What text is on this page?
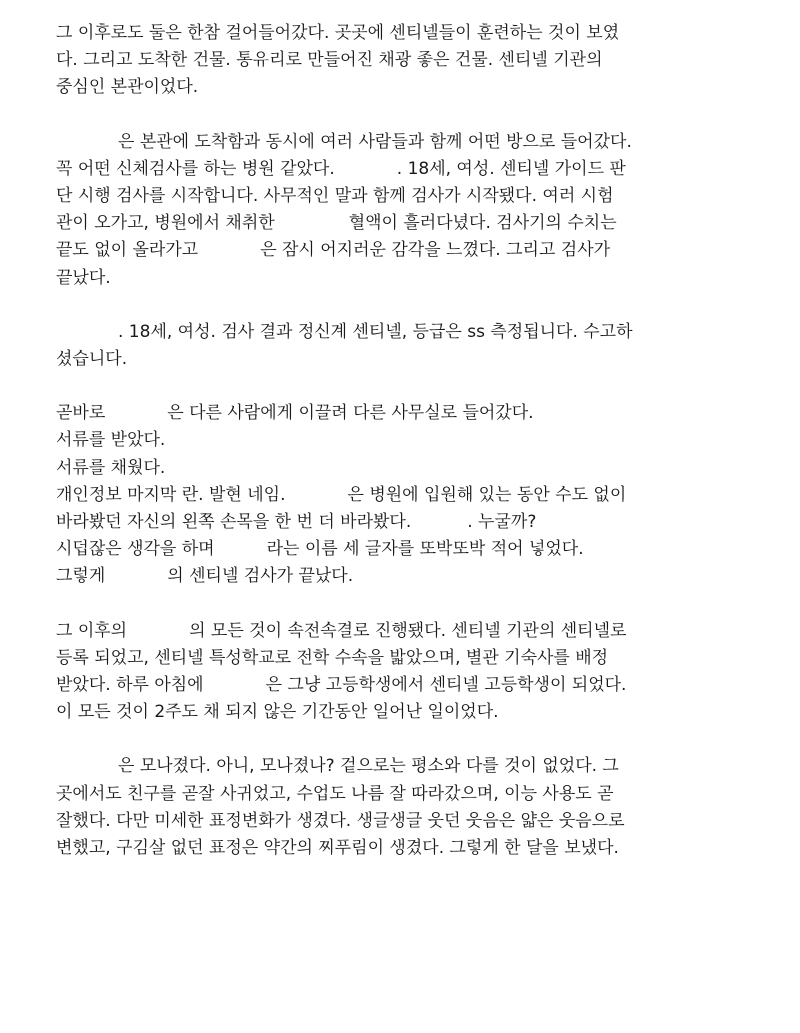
그 이후로도 둘은 한참 걸어들어갔다. 곳곳에 센티넬들이 훈련하는 것이 보였
다. 그리고 도착한 건물. 통유리로 만들어진 채광 좋은 건물. 센티넬 기관의
중심인 본관이었다.

은 본관에 도착함과 동시에 여러 사람들과 함께 어떤 방으로 들어갔다.
꼭 어떤 신체검사를 하는 병원 같았다.	. 18세, 여성. 센티넬 가이드 판
단 시행 검사를 시작합니다. 사무적인 말과 함께 검사가 시작됐다. 여러 시험
관이 오가고, 병원에서 채취한	혈액이 흘러다녔다. 검사기의 수치는
끝도 없이 올라가고	은 잠시 어지러운 감각을 느꼈다. 그리고 검사가
끝났다.

. 18세, 여성. 검사 결과 정신계 센티넬, 등급은 ss 측정됩니다. 수고하
셨습니다.

곧바로	은 다른 사람에게 이끌려 다른 사무실로 들어갔다.
서류를 받았다.
서류를 채웠다.
개인정보 마지막 란. 발현 네임.	은 병원에 입원해 있는 동안 수도 없이
바라봤던 자신의 왼쪽 손목을 한 번 더 바라봤다.	. 누굴까?
시덥잖은 생각을 하며	라는 이름 세 글자를 또박또박 적어 넣었다.
그렇게	의 센티넬 검사가 끝났다.

그 이후의	의 모든 것이 속전속결로 진행됐다. 센티넬 기관의 센티넬로
등록 되었고, 센티넬 특성학교로 전학 수속을 밟았으며, 별관 기숙사를 배정
받았다. 하루 아침에	은 그냥 고등학생에서 센티넬 고등학생이 되었다.
이 모든 것이 2주도 채 되지 않은 기간동안 일어난 일이었다.

은 모나졌다. 아니, 모나졌나? 겉으로는 평소와 다를 것이 없었다. 그
곳에서도 친구를 곧잘 사귀었고, 수업도 나름 잘 따라갔으며, 이능 사용도 곧
잘했다. 다만 미세한 표정변화가 생겼다. 생글생글 웃던 웃음은 얇은 웃음으로
변했고, 구김살 없던 표정은 약간의 찌푸림이 생겼다. 그렇게 한 달을 보냈다.
